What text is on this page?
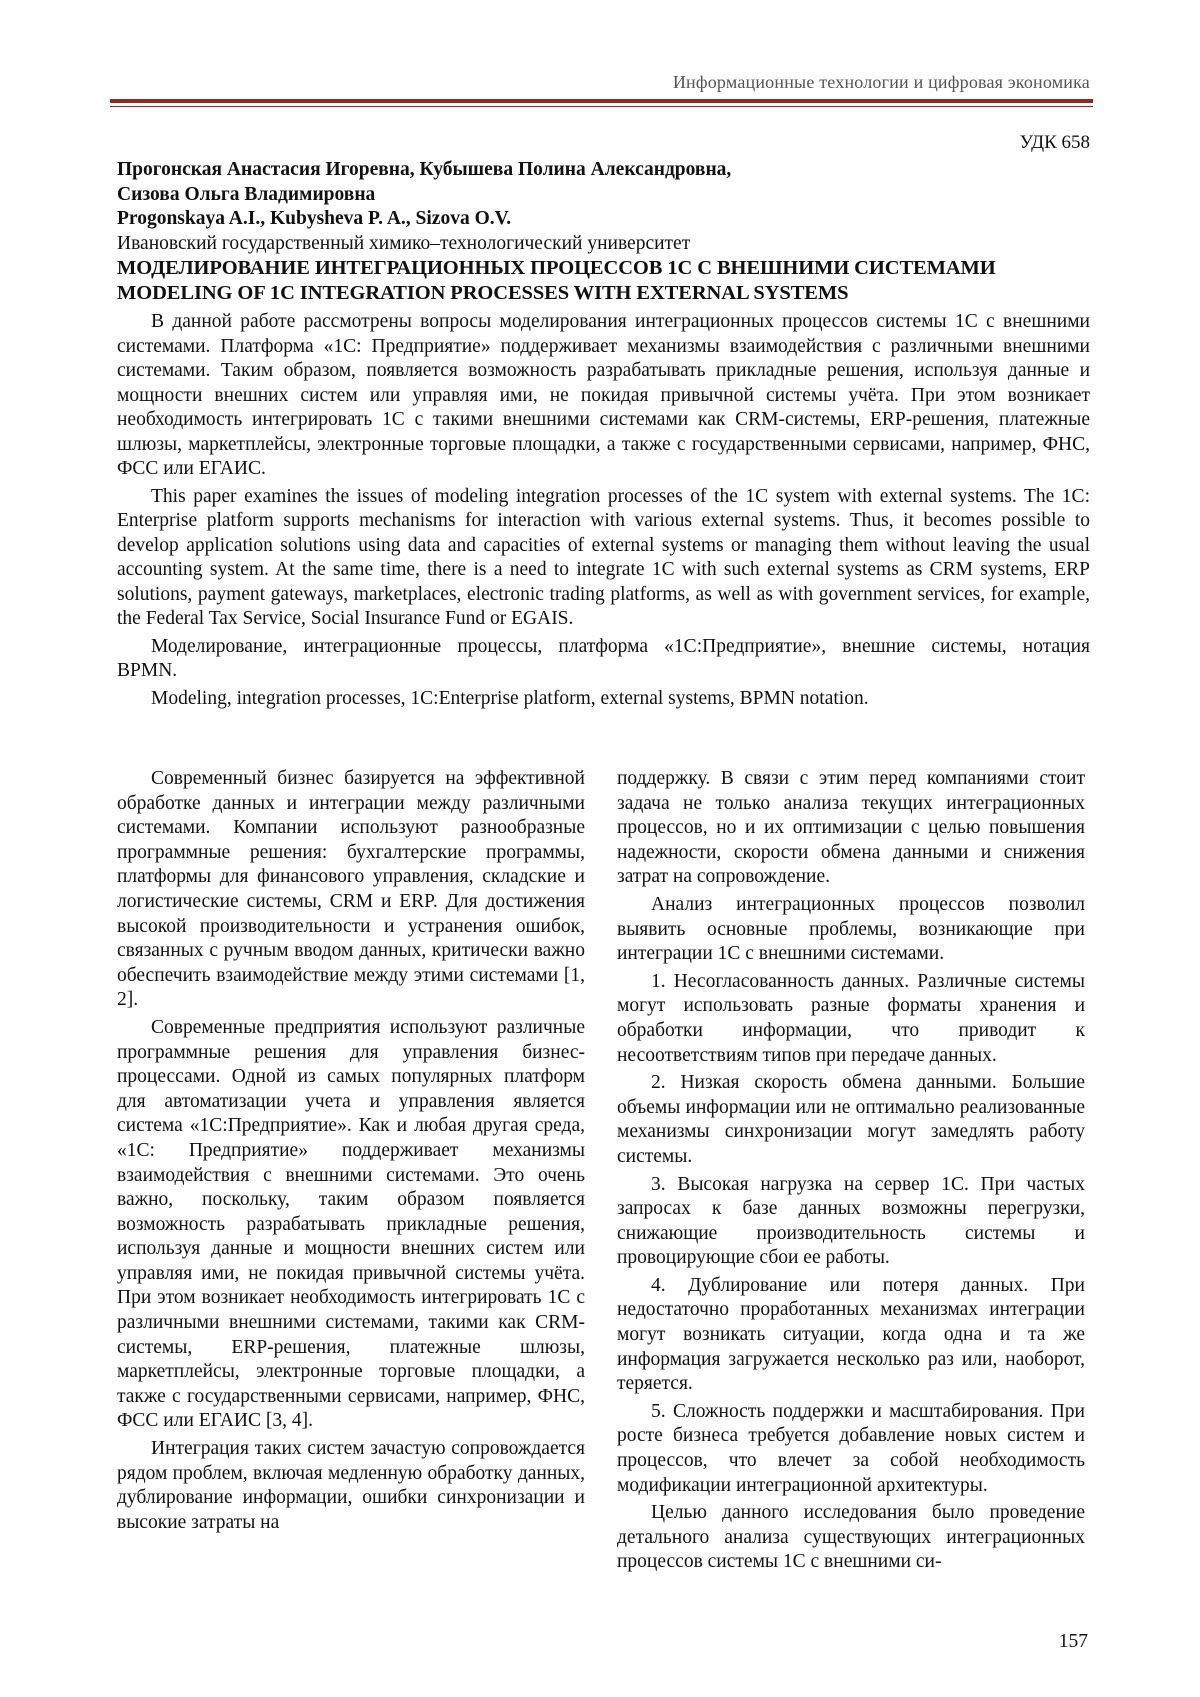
Информационные технологии и цифровая экономика
УДК 658
Прогонская Анастасия Игоревна, Кубышева Полина Александровна,
Сизова Ольга Владимировна
Progonskaya A.I., Kubysheva P. A., Sizova O.V.
Ивановский государственный химико–технологический университет
МОДЕЛИРОВАНИЕ ИНТЕГРАЦИОННЫХ ПРОЦЕССОВ 1С С ВНЕШНИМИ СИСТЕМАМИ
MODELING OF 1C INTEGRATION PROCESSES WITH EXTERNAL SYSTEMS

В данной работе рассмотрены вопросы моделирования интеграционных процессов системы 1С с внешними системами. Платформа «1С: Предприятие» поддерживает механизмы взаимодействия с различными внешними системами. Таким образом, появляется возможность разрабатывать прикладные решения, используя данные и мощности внешних систем или управляя ими, не покидая привычной системы учёта. При этом возникает необходимость интегрировать 1С с такими внешними системами как CRM-системы, ERP-решения, платежные шлюзы, маркетплейсы, электронные торговые площадки, а также с государственными сервисами, например, ФНС, ФСС или ЕГАИС.

This paper examines the issues of modeling integration processes of the 1C system with external systems. The 1C: Enterprise platform supports mechanisms for interaction with various external systems. Thus, it becomes possible to develop application solutions using data and capacities of external systems or managing them without leaving the usual accounting system. At the same time, there is a need to integrate 1C with such external systems as CRM systems, ERP solutions, payment gateways, marketplaces, electronic trading platforms, as well as with government services, for example, the Federal Tax Service, Social Insurance Fund or EGAIS.

Моделирование, интеграционные процессы, платформа «1С:Предприятие», внешние системы, нотация BPMN.

Modeling, integration processes, 1C:Enterprise platform, external systems, BPMN notation.

Современный бизнес базируется на эффективной обработке данных и интеграции между различными системами. Компании используют разнообразные программные решения: бухгалтерские программы, платформы для финансового управления, складские и логистические системы, CRM и ERP. Для достижения высокой производительности и устранения ошибок, связанных с ручным вводом данных, критически важно обеспечить взаимодействие между этими системами [1, 2].

Современные предприятия используют различные программные решения для управления бизнес-процессами. Одной из самых популярных платформ для автоматизации учета и управления является система «1С:Предприятие». Как и любая другая среда, «1С: Предприятие» поддерживает механизмы взаимодействия с внешними системами. Это очень важно, поскольку, таким образом появляется возможность разрабатывать прикладные решения, используя данные и мощности внешних систем или управляя ими, не покидая привычной системы учёта. При этом возникает необходимость интегрировать 1С с различными внешними системами, такими как CRM-системы, ERP-решения, платежные шлюзы, маркетплейсы, электронные торговые площадки, а также с государственными сервисами, например, ФНС, ФСС или ЕГАИС [3, 4].

Интеграция таких систем зачастую сопровождается рядом проблем, включая медленную обработку данных, дублирование информации, ошибки синхронизации и высокие затраты на

поддержку. В связи с этим перед компаниями стоит задача не только анализа текущих интеграционных процессов, но и их оптимизации с целью повышения надежности, скорости обмена данными и снижения затрат на сопровождение.

Анализ интеграционных процессов позволил выявить основные проблемы, возникающие при интеграции 1С с внешними системами.

1. Несогласованность данных. Различные системы могут использовать разные форматы хранения и обработки информации, что приводит к несоответствиям типов при передаче данных.

2. Низкая скорость обмена данными. Большие объемы информации или не оптимально реализованные механизмы синхронизации могут замедлять работу системы.

3. Высокая нагрузка на сервер 1С. При частых запросах к базе данных возможны перегрузки, снижающие производительность системы и провоцирующие сбои ее работы.

4. Дублирование или потеря данных. При недостаточно проработанных механизмах интеграции могут возникать ситуации, когда одна и та же информация загружается несколько раз или, наоборот, теряется.

5. Сложность поддержки и масштабирования. При росте бизнеса требуется добавление новых систем и процессов, что влечет за собой необходимость модификации интеграционной архитектуры.

Целью данного исследования было проведение детального анализа существующих интеграционных процессов системы 1С с внешними си-

157
